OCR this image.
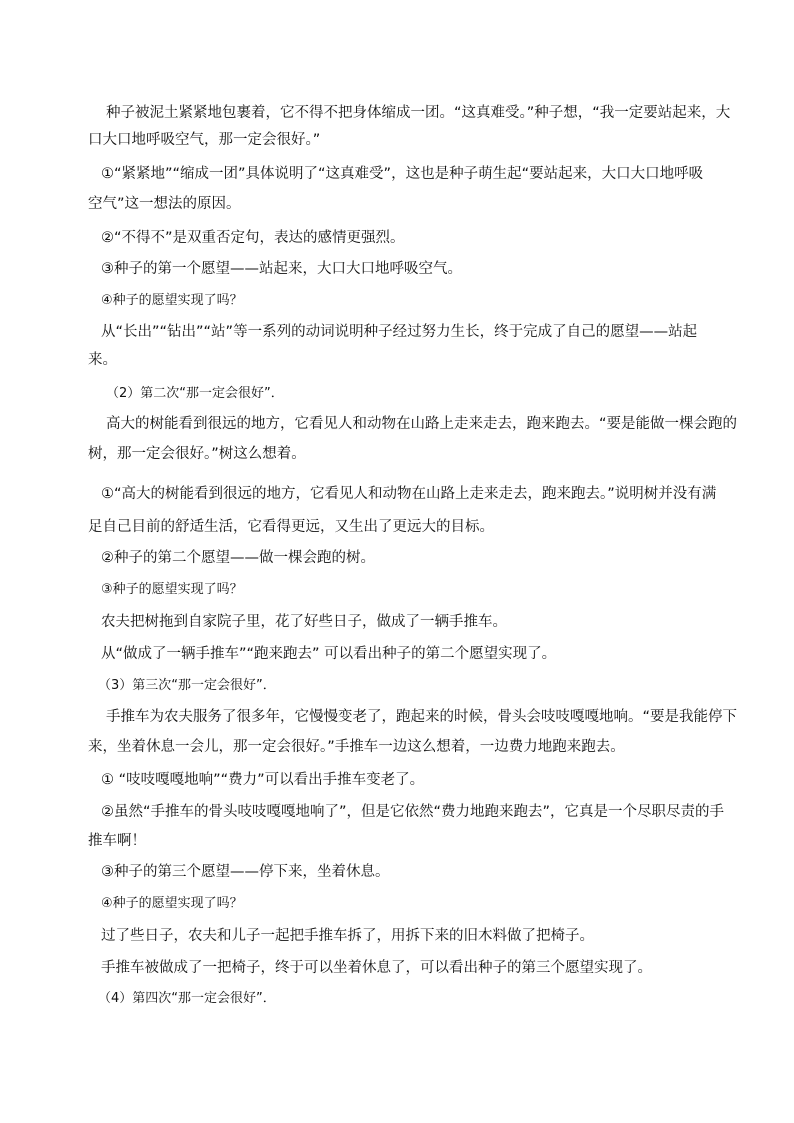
种子被泥土紧紧地包裹着，它不得不把身体缩成一团。“这真难受。”种子想，“我一定要站起来，大
口大口地呼吸空气，那一定会很好。”
①“紧紧地”“缩成一团”具体说明了“这真难受”，这也是种子萌生起“要站起来，大口大口地呼吸
空气”这一想法的原因。
②“不得不”是双重否定句，表达的感情更强烈。
③种子的第一个愿望——站起来，大口大口地呼吸空气。
④种子的愿望实现了吗？
从“长出”“钻出”“站”等一系列的动词说明种子经过努力生长，终于完成了自己的愿望——站起
来。
（2）第二次“那一定会很好”．
高大的树能看到很远的地方，它看见人和动物在山路上走来走去，跑来跑去。“要是能做一棵会跑的
树，那一定会很好。”树这么想着。
①“高大的树能看到很远的地方，它看见人和动物在山路上走来走去，跑来跑去。”说明树并没有满
足自己目前的舒适生活，它看得更远，又生出了更远大的目标。
②种子的第二个愿望——做一棵会跑的树。
③种子的愿望实现了吗？
农夫把树拖到自家院子里，花了好些日子，做成了一辆手推车。
从“做成了一辆手推车”“跑来跑去” 可以看出种子的第二个愿望实现了。
（3）第三次“那一定会很好”．
手推车为农夫服务了很多年，它慢慢变老了，跑起来的时候，骨头会吱吱嘎嘎地响。“要是我能停下
来，坐着休息一会儿，那一定会很好。”手推车一边这么想着，一边费力地跑来跑去。
① “吱吱嘎嘎地响”“费力”可以看出手推车变老了。
②虽然“手推车的骨头吱吱嘎嘎地响了”，但是它依然“费力地跑来跑去”，它真是一个尽职尽责的手
推车啊！
③种子的第三个愿望——停下来，坐着休息。
④种子的愿望实现了吗？
过了些日子，农夫和儿子一起把手推车拆了，用拆下来的旧木料做了把椅子。
手推车被做成了一把椅子，终于可以坐着休息了，可以看出种子的第三个愿望实现了。
（4）第四次“那一定会很好”．
